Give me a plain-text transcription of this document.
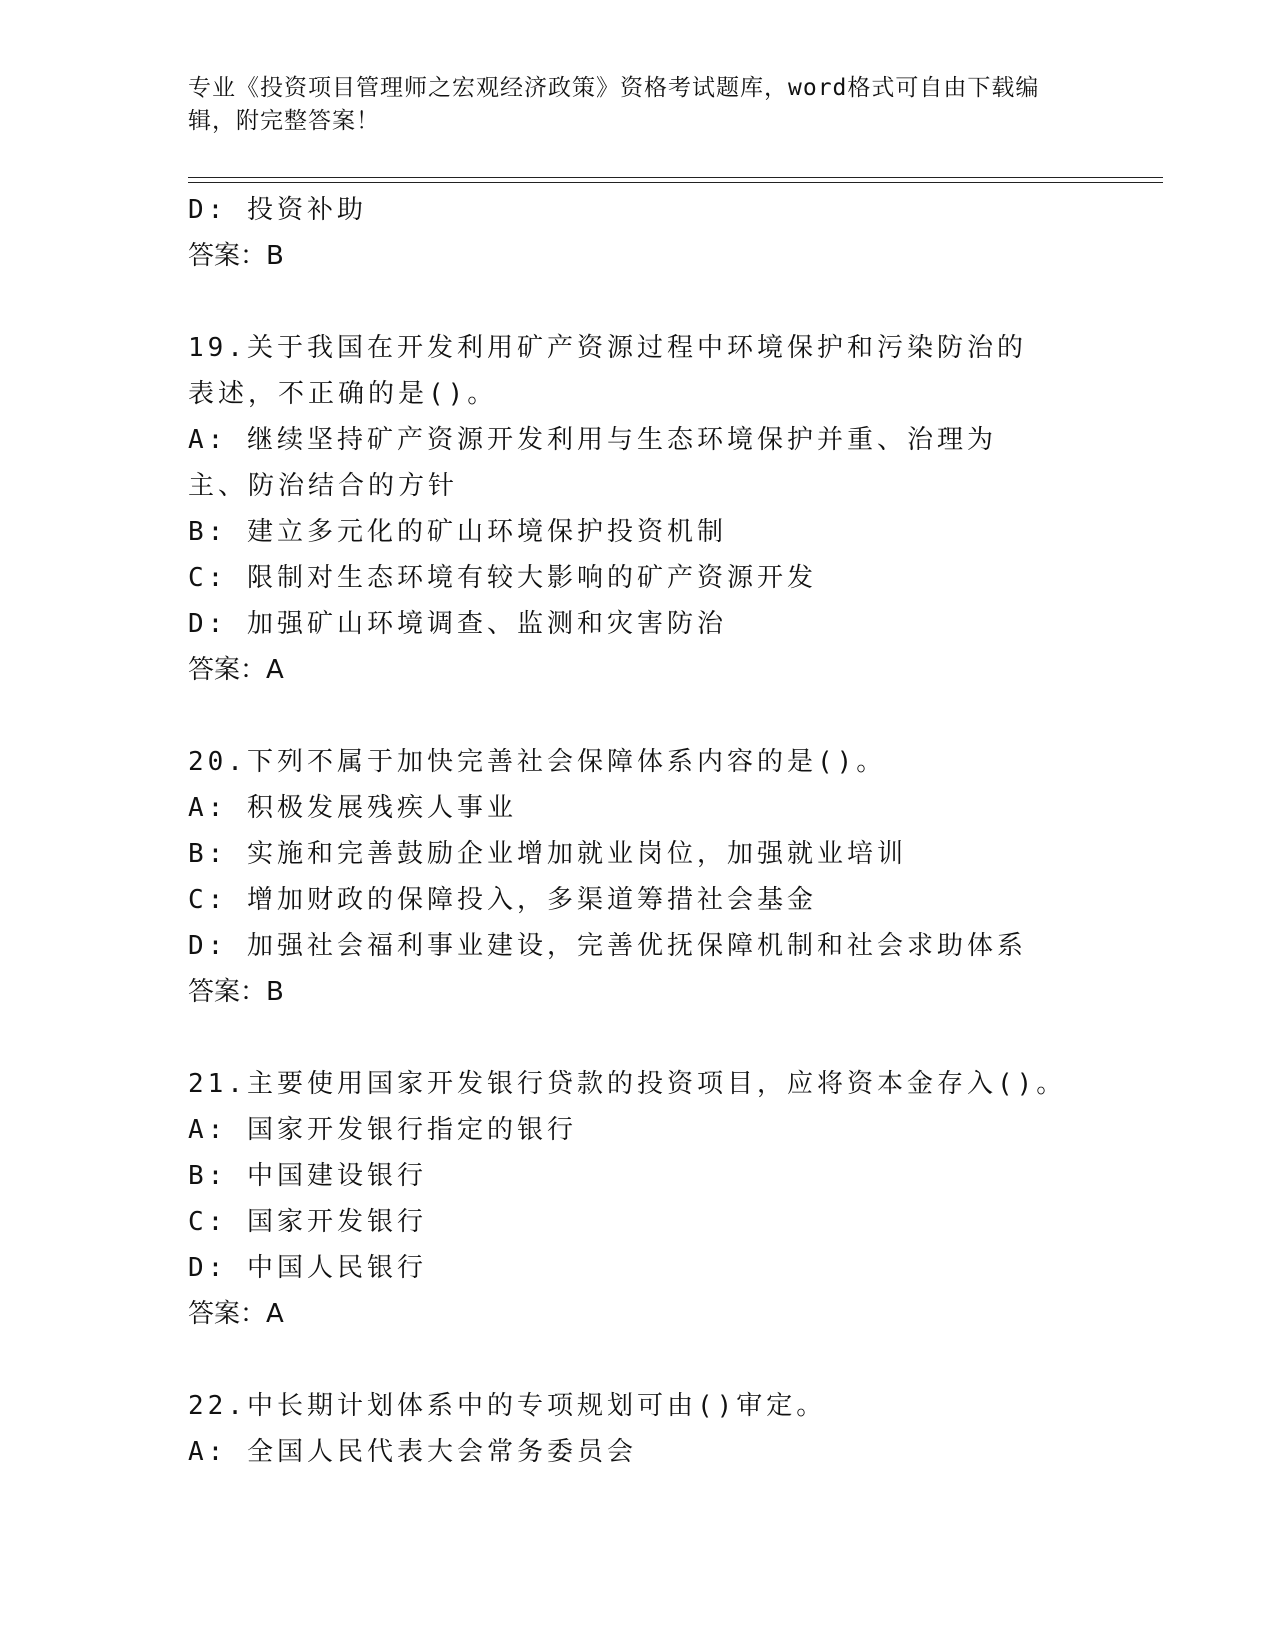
专业《投资项目管理师之宏观经济政策》资格考试题库，word格式可自由下载编辑，附完整答案！
D: 投资补助
答案：B
19.关于我国在开发利用矿产资源过程中环境保护和污染防治的表述，不正确的是()。
A: 继续坚持矿产资源开发利用与生态环境保护并重、治理为主、防治结合的方针
B: 建立多元化的矿山环境保护投资机制
C: 限制对生态环境有较大影响的矿产资源开发
D: 加强矿山环境调查、监测和灾害防治
答案：A
20.下列不属于加快完善社会保障体系内容的是()。
A: 积极发展残疾人事业
B: 实施和完善鼓励企业增加就业岗位，加强就业培训
C: 增加财政的保障投入，多渠道筹措社会基金
D: 加强社会福利事业建设，完善优抚保障机制和社会求助体系
答案：B
21.主要使用国家开发银行贷款的投资项目，应将资本金存入()。
A: 国家开发银行指定的银行
B: 中国建设银行
C: 国家开发银行
D: 中国人民银行
答案：A
22.中长期计划体系中的专项规划可由()审定。
A: 全国人民代表大会常务委员会
